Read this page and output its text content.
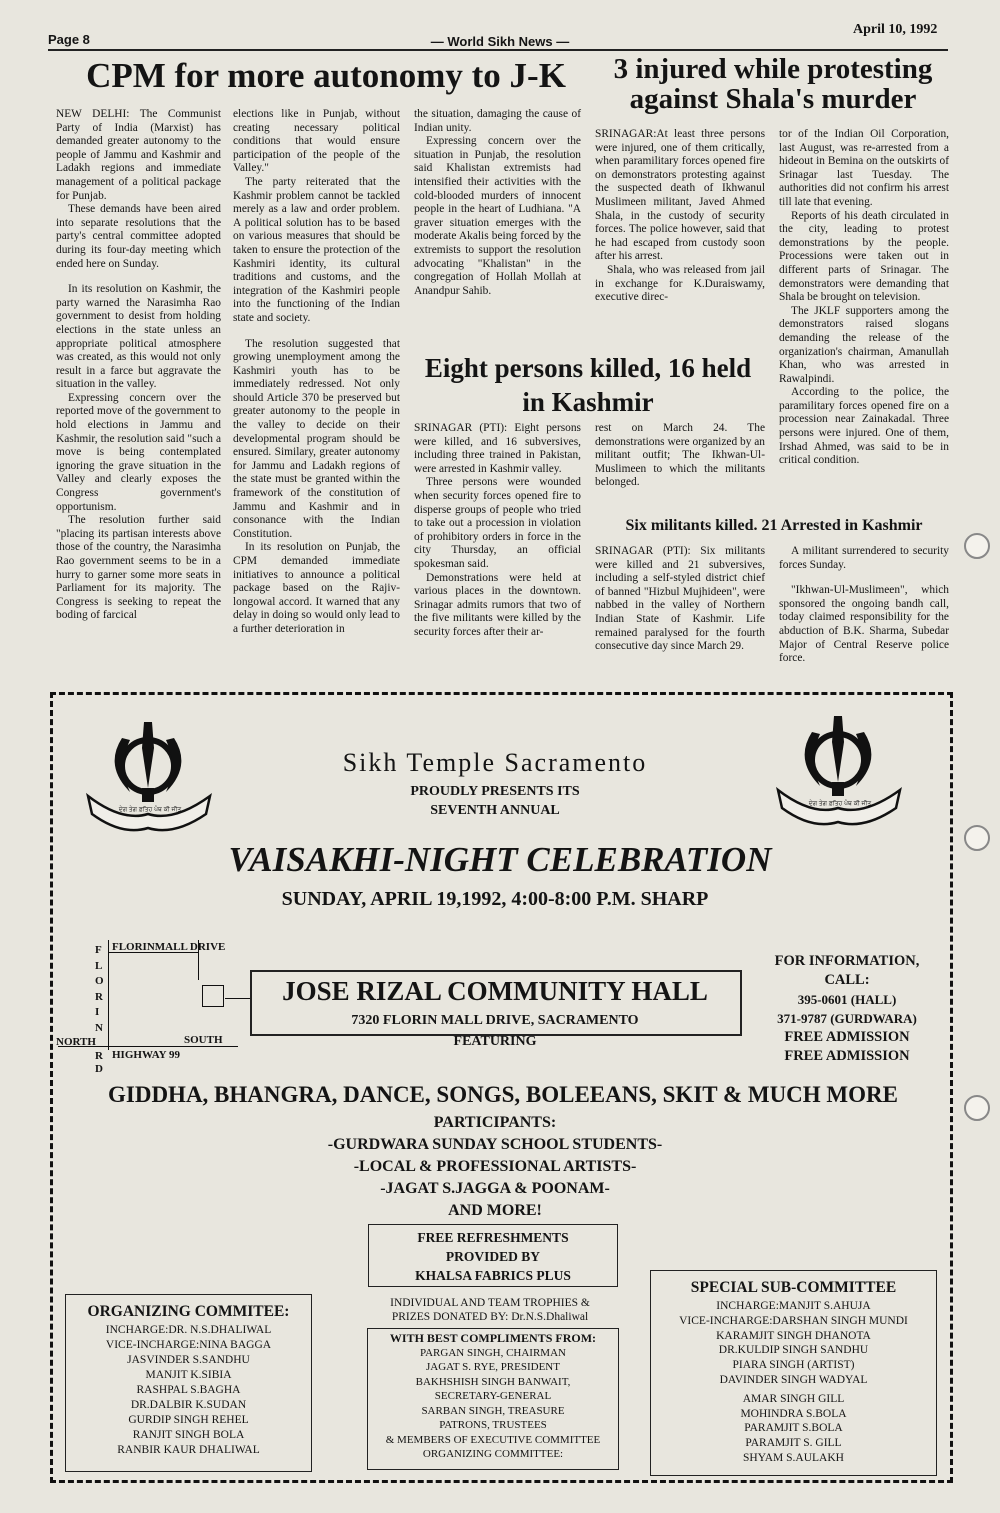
Page 8	— World Sikh News —
April 10, 1992
CPM for more autonomy to J-K

NEW DELHI: The Communist Party of India (Marxist) has demanded greater autonomy to the people of Jammu and Kashmir and Ladakh regions and immediate management of a political package for Punjab.

These demands have been aired into separate resolutions that the party's central committee adopted during its four-day meeting which ended here on Sunday.

In its resolution on Kashmir, the party warned the Narasimha Rao government to desist from holding elections in the state unless an appropriate political atmosphere was created, as this would not only result in a farce but aggravate the situation in the valley.

Expressing concern over the reported move of the government to hold elections in Jammu and Kashmir, the resolution said "such a move is being contemplated ignoring the grave situation in the Valley and clearly exposes the Congress government's opportunism.

The resolution further said "placing its partisan interests above those of the country, the Narasimha Rao government seems to be in a hurry to garner some more seats in Parliament for its majority. The Congress is seeking to repeat the boding of farcical

elections like in Punjab, without creating necessary political conditions that would ensure participation of the people of the Valley."

The party reiterated that the Kashmir problem cannot be tackled merely as a law and order problem. A political solution has to be based on various measures that should be taken to ensure the protection of the Kashmiri identity, its cultural traditions and customs, and the integration of the Kashmiri people into the functioning of the Indian state and society.

The resolution suggested that growing unemployment among the Kashmiri youth has to be immediately redressed. Not only should Article 370 be preserved but greater autonomy to the people in the valley to decide on their developmental program should be ensured. Similary, greater autonomy for Jammu and Ladakh regions of the state must be granted within the framework of the constitution of Jammu and Kashmir and in consonance with the Indian Constitution.

In its resolution on Punjab, the CPM demanded immediate initiatives to announce a political package based on the Rajiv-longowal accord. It warned that any delay in doing so would only lead to a further deterioration in

the situation, damaging the cause of Indian unity.

Expressing concern over the situation in Punjab, the resolution said Khalistan extremists had intensified their activities with the cold-blooded murders of innocent people in the heart of Ludhiana. "A graver situation emerges with the moderate Akalis being forced by the extremists to support the resolution advocating "Khalistan" in the congregation of Hollah Mollah at Anandpur Sahib.

3 injured while protesting against Shala's murder

SRINAGAR:At least three persons were injured, one of them critically, when paramilitary forces opened fire on demonstrators protesting against the suspected death of Ikhwanul Muslimeen militant, Javed Ahmed Shala, in the custody of security forces. The police however, said that he had escaped from custody soon after his arrest.

Shala, who was released from jail in exchange for K.Duraiswamy, executive direc-

tor of the Indian Oil Corporation, last August, was re-arrested from a hideout in Bemina on the outskirts of Srinagar last Tuesday. The authorities did not confirm his arrest till late that evening.

Reports of his death circulated in the city, leading to protest demonstrations by the people. Processions were taken out in different parts of Srinagar. The demonstrators were demanding that Shala be brought on television.

The JKLF supporters among the demonstrators raised slogans demanding the release of the organization's chairman, Amanullah Khan, who was arrested in Rawalpindi.

According to the police, the paramilitary forces opened fire on a procession near Zainakadal. Three persons were injured. One of them, Irshad Ahmed, was said to be in critical condition.

Eight persons killed, 16 held in Kashmir

SRINAGAR (PTI): Eight persons were killed, and 16 subversives, including three trained in Pakistan, were arrested in Kashmir valley.

Three persons were wounded when security forces opened fire to disperse groups of people who tried to take out a procession in violation of prohibitory orders in force in the city Thursday, an official spokesman said.

Demonstrations were held at various places in the downtown. Srinagar admits rumors that two of the five militants were killed by the security forces after their ar-

rest on March 24. The demonstrations were organized by an militant outfit; The Ikhwan-Ul-Muslimeen to which the militants belonged.

Six militants killed. 21 Arrested in Kashmir

SRINAGAR (PTI): Six militants were killed and 21 subversives, including a self-styled district chief of banned "Hizbul Mujhideen", were nabbed in the valley of Northern Indian State of Kashmir. Life remained paralysed for the fourth consecutive day since March 29.

A militant surrendered to security forces Sunday.

"Ikhwan-Ul-Muslimeen", which sponsored the ongoing bandh call, today claimed responsibility for the abduction of B.K. Sharma, Subedar Major of Central Reserve police force.

ਦੇਗ ਤੇਗ ਫ਼ਤਿਹ ਪੰਥ ਕੀ ਜੀਤ
ਦੇਗ ਤੇਗ ਫ਼ਤਿਹ ਪੰਥ ਕੀ ਜੀਤ
Sikh Temple Sacramento
PROUDLY PRESENTS ITS
SEVENTH ANNUAL
VAISAKHI-NIGHT CELEBRATION
SUNDAY, APRIL 19,1992, 4:00-8:00 P.M. SHARP
FLORINMALL DRIVE
FLORIN
RD
NORTH	SOUTH
HIGHWAY 99
JOSE RIZAL COMMUNITY HALL
7320 FLORIN MALL DRIVE, SACRAMENTO
FEATURING
FOR INFORMATION,
CALL:
395-0601 (HALL)
371-9787 (GURDWARA)
FREE ADMISSION
FREE ADMISSION
GIDDHA, BHANGRA, DANCE, SONGS, BOLEEANS, SKIT & MUCH MORE
PARTICIPANTS:
-GURDWARA SUNDAY SCHOOL STUDENTS-
-LOCAL & PROFESSIONAL ARTISTS-
-JAGAT S.JAGGA & POONAM-
AND MORE!
FREE REFRESHMENTS
PROVIDED BY
KHALSA FABRICS PLUS
INDIVIDUAL AND TEAM TROPHIES &
PRIZES DONATED BY: Dr.N.S.Dhaliwal
ORGANIZING COMMITEE:
INCHARGE:DR. N.S.DHALIWAL
VICE-INCHARGE:NINA BAGGA
JASVINDER S.SANDHU
MANJIT K.SIBIA
RASHPAL S.BAGHA
DR.DALBIR K.SUDAN
GURDIP SINGH REHEL
RANJIT SINGH BOLA
RANBIR KAUR DHALIWAL
WITH BEST COMPLIMENTS FROM:
PARGAN SINGH, CHAIRMAN
JAGAT S. RYE, PRESIDENT
BAKHSHISH SINGH BANWAIT,
SECRETARY-GENERAL
SARBAN SINGH, TREASURE
PATRONS, TRUSTEES
& MEMBERS OF EXECUTIVE COMMITTEE
ORGANIZING COMMITTEE:
SPECIAL SUB-COMMITTEE
INCHARGE:MANJIT S.AHUJA
VICE-INCHARGE:DARSHAN SINGH MUNDI
KARAMJIT SINGH DHANOTA
DR.KULDIP SINGH SANDHU
PIARA SINGH (ARTIST)
DAVINDER SINGH WADYAL
AMAR SINGH GILL
MOHINDRA S.BOLA
PARAMJIT S.BOLA
PARAMJIT S. GILL
SHYAM S.AULAKH
